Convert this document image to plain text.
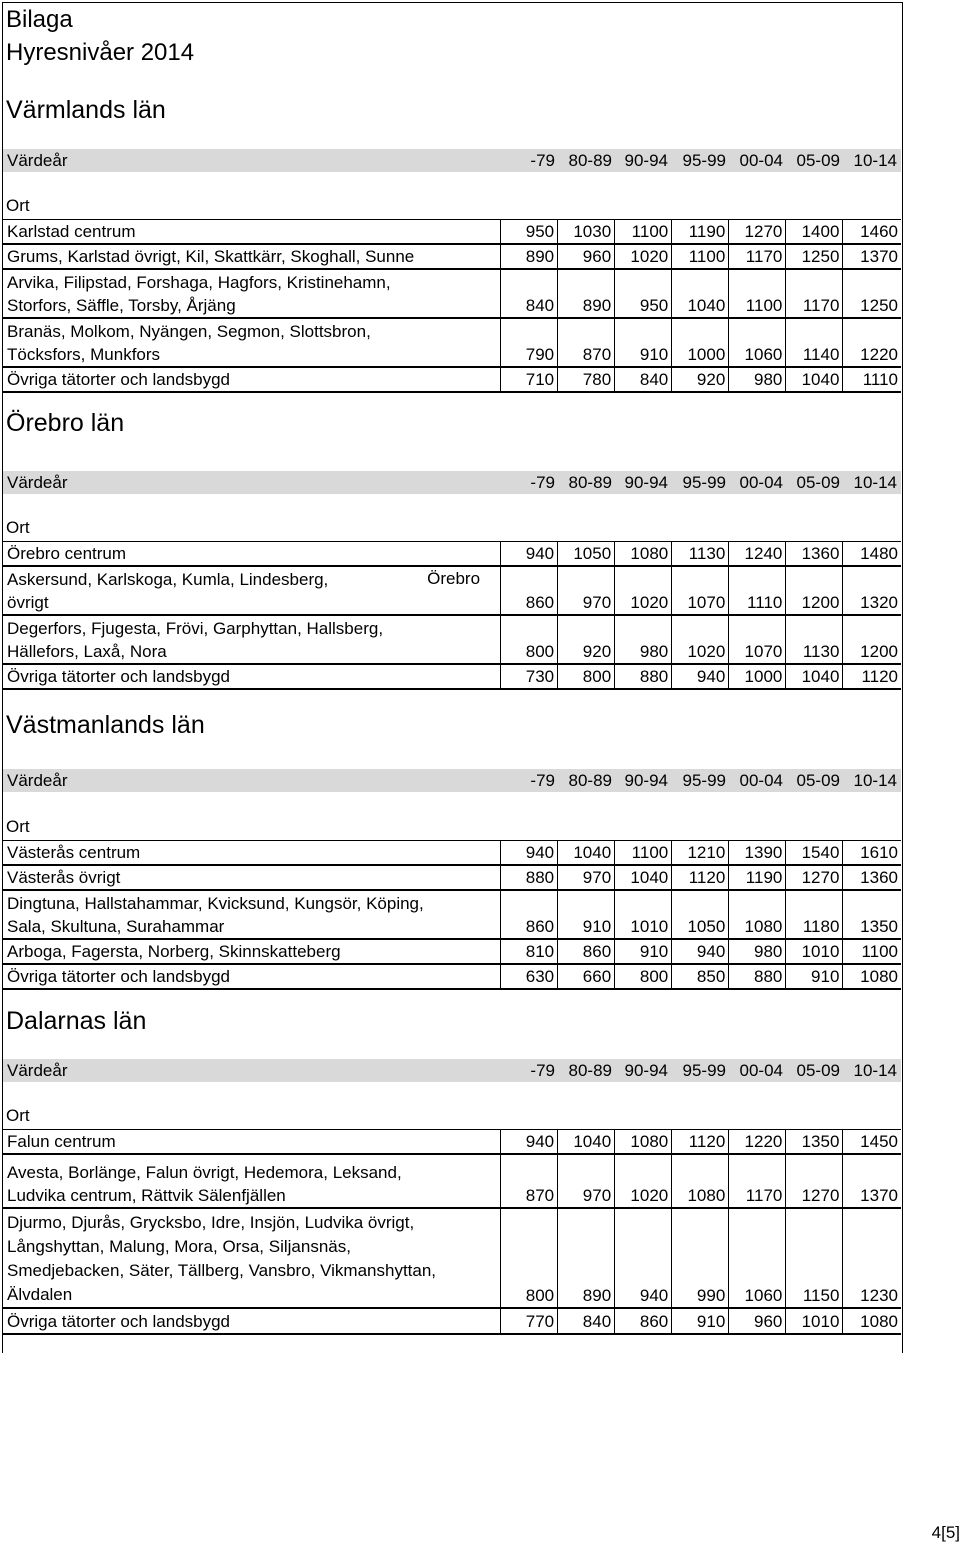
Bilaga
Hyresnivåer 2014
Värmlands län
Värdeår	-79 80-89 90-94 95-99 00-04 05-09 10-14
Ort
Karlstad centrum	950	1030	1100	1190	1270	1400	1460
Grums, Karlstad övrigt, Kil, Skattkärr, Skoghall, Sunne	890	960	1020	1100	1170	1250	1370
Arvika, Filipstad, Forshaga, Hagfors, Kristinehamn,
Storfors, Säffle, Torsby, Årjäng	840	890	950	1040	1100	1170	1250
Branäs, Molkom, Nyängen, Segmon, Slottsbron,
Töcksfors, Munkfors	790	870	910	1000	1060	1140	1220
Övriga tätorter och landsbygd	710	780	840	920	980	1040	1110
Örebro län
Värdeår	-79 80-89 90-94 95-99 00-04 05-09 10-14
Ort
Örebro centrum	940	1050	1080	1130	1240	1360	1480
Askersund, Karlskoga, Kumla, Lindesberg,
övrigt
Örebro	860	970	1020	1070	1110	1200	1320
Degerfors, Fjugesta, Frövi, Garphyttan, Hallsberg,
Hällefors, Laxå, Nora	800	920	980	1020	1070	1130	1200
Övriga tätorter och landsbygd	730	800	880	940	1000	1040	1120
Västmanlands län
Värdeår	-79 80-89 90-94 95-99 00-04 05-09 10-14
Ort
Västerås centrum	940	1040	1100	1210	1390	1540	1610
Västerås övrigt	880	970	1040	1120	1190	1270	1360
Dingtuna, Hallstahammar, Kvicksund, Kungsör, Köping,
Sala, Skultuna, Surahammar	860	910	1010	1050	1080	1180	1350
Arboga, Fagersta, Norberg, Skinnskatteberg	810	860	910	940	980	1010	1100
Övriga tätorter och landsbygd	630	660	800	850	880	910	1080
Dalarnas län
Värdeår	-79 80-89 90-94 95-99 00-04 05-09 10-14
Ort
Falun centrum	940	1040	1080	1120	1220	1350	1450
Avesta, Borlänge, Falun övrigt, Hedemora, Leksand,
Ludvika centrum, Rättvik Sälenfjällen	870	970	1020	1080	1170	1270	1370
Djurmo, Djurås, Grycksbo, Idre, Insjön, Ludvika övrigt,
Långshyttan, Malung, Mora, Orsa, Siljansnäs,
Smedjebacken, Säter, Tällberg, Vansbro, Vikmanshyttan,
Älvdalen	800	890	940	990	1060	1150	1230
Övriga tätorter och landsbygd	770	840	860	910	960	1010	1080
4[5]
